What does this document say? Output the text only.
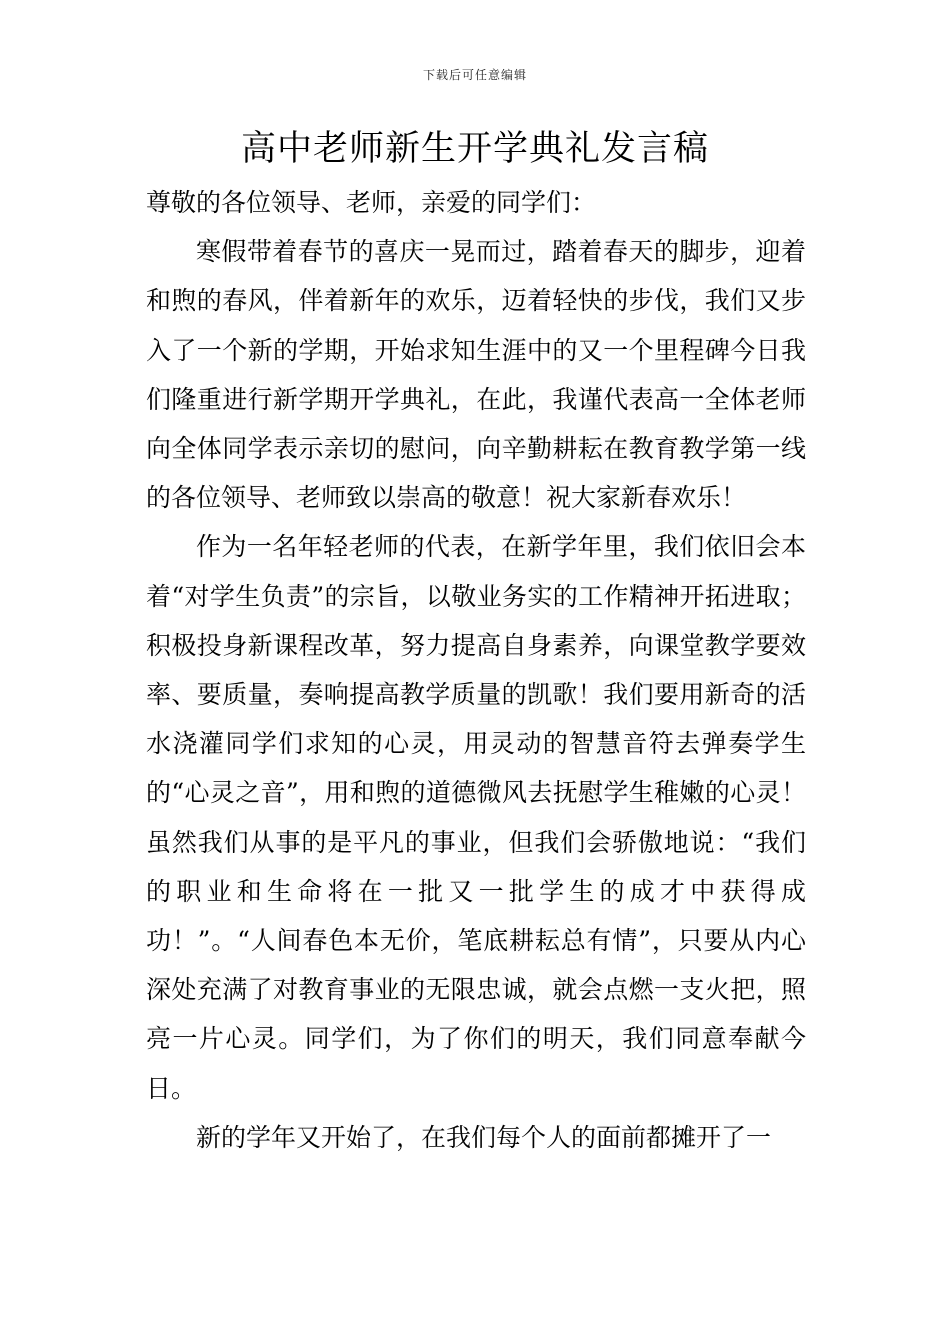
下载后可任意编辑
高中老师新生开学典礼发言稿

尊敬的各位领导、老师，亲爱的同学们：

寒假带着春节的喜庆一晃而过，踏着春天的脚步，迎着和煦的春风，伴着新年的欢乐，迈着轻快的步伐，我们又步入了一个新的学期，开始求知生涯中的又一个里程碑今日我们隆重进行新学期开学典礼，在此，我谨代表高一全体老师向全体同学表示亲切的慰问，向辛勤耕耘在教育教学第一线的各位领导、老师致以崇高的敬意！祝大家新春欢乐！

作为一名年轻老师的代表，在新学年里，我们依旧会本着“对学生负责”的宗旨，以敬业务实的工作精神开拓进取；积极投身新课程改革，努力提高自身素养，向课堂教学要效率、要质量，奏响提高教学质量的凯歌！我们要用新奇的活水浇灌同学们求知的心灵，用灵动的智慧音符去弹奏学生的“心灵之音”，用和煦的道德微风去抚慰学生稚嫩的心灵！虽然我们从事的是平凡的事业，但我们会骄傲地说：“我们的职业和生命将在一批又一批学生的成才中获得成功！”。“人间春色本无价，笔底耕耘总有情”，只要从内心深处充满了对教育事业的无限忠诚，就会点燃一支火把，照亮一片心灵。同学们，为了你们的明天，我们同意奉献今日。

新的学年又开始了，在我们每个人的面前都摊开了一
